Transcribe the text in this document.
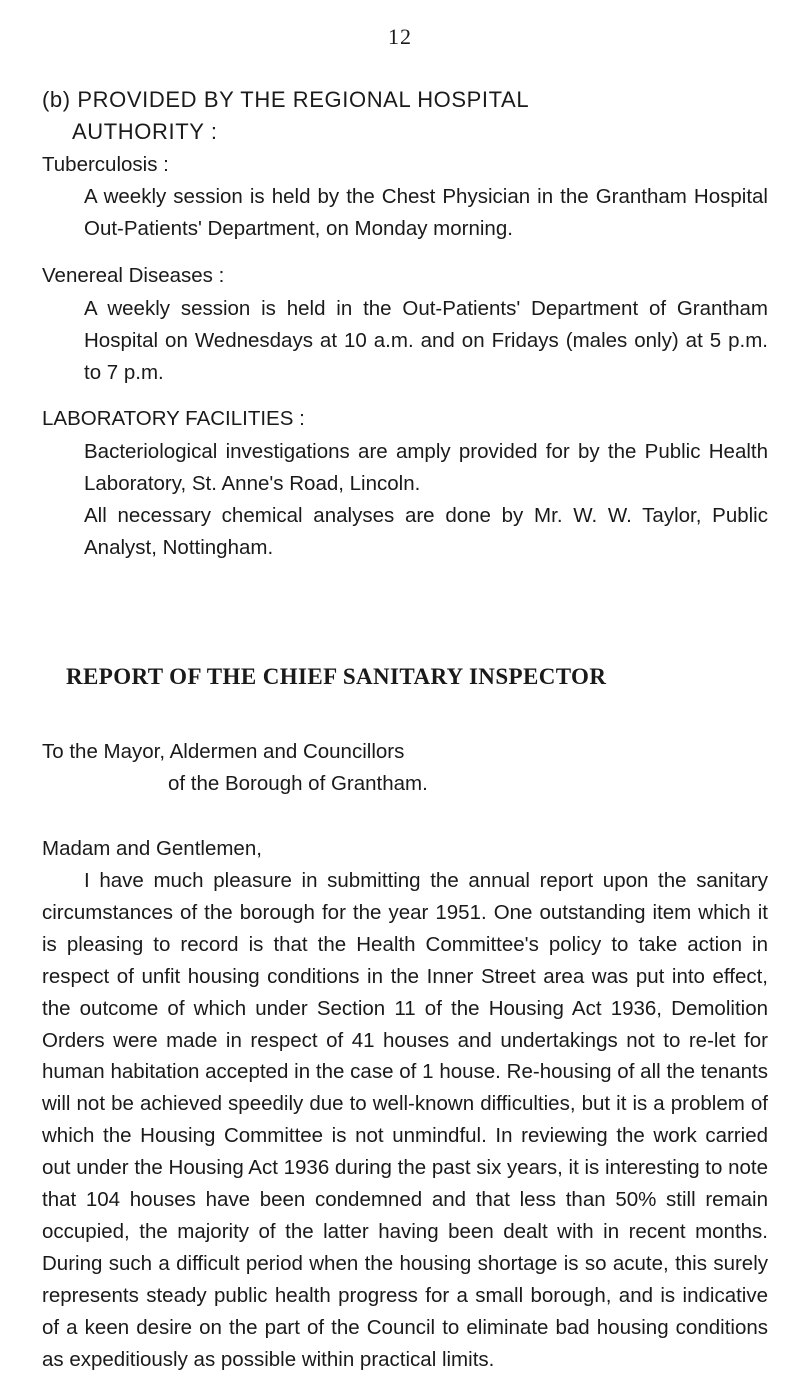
12
(b) PROVIDED BY THE REGIONAL HOSPITAL
AUTHORITY :
Tuberculosis :
A weekly session is held by the Chest Physician in the Grantham Hospital Out-Patients' Department, on Monday morning.
Venereal Diseases :
A weekly session is held in the Out-Patients' Department of Grantham Hospital on Wednesdays at 10 a.m. and on Fridays (males only) at 5 p.m. to 7 p.m.
LABORATORY FACILITIES :
Bacteriological investigations are amply provided for by the Public Health Laboratory, St. Anne's Road, Lincoln.
All necessary chemical analyses are done by Mr. W. W. Taylor, Public Analyst, Nottingham.
REPORT OF THE CHIEF SANITARY INSPECTOR
To the Mayor, Aldermen and Councillors
of the Borough of Grantham.
Madam and Gentlemen,
I have much pleasure in submitting the annual report upon the sanitary circumstances of the borough for the year 1951. One outstanding item which it is pleasing to record is that the Health Committee's policy to take action in respect of unfit housing conditions in the Inner Street area was put into effect, the outcome of which under Section 11 of the Housing Act 1936, Demolition Orders were made in respect of 41 houses and undertakings not to re-let for human habitation accepted in the case of 1 house. Re-housing of all the tenants will not be achieved speedily due to well-known difficulties, but it is a problem of which the Housing Committee is not unmindful. In reviewing the work carried out under the Housing Act 1936 during the past six years, it is interesting to note that 104 houses have been condemned and that less than 50% still remain occupied, the majority of the latter having been dealt with in recent months. During such a difficult period when the housing shortage is so acute, this surely represents steady public health progress for a small borough, and is indicative of a keen desire on the part of the Council to eliminate bad housing conditions as expeditiously as possible within practical limits.
